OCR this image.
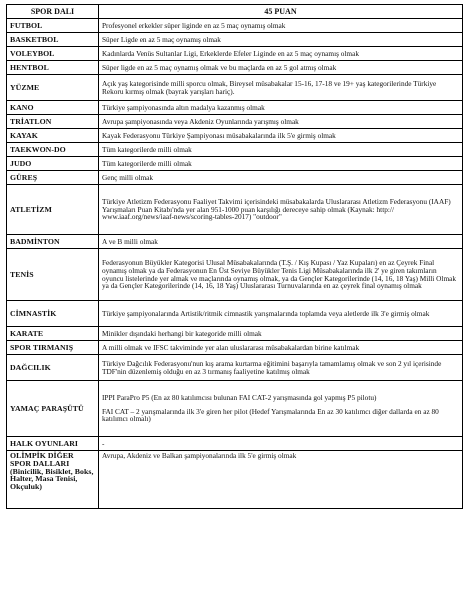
SPOR DALI	45 PUAN
FUTBOL	Profesyonel erkekler süper liginde en az 5 maç oynamış olmak
BASKETBOL	Süper Ligde en az 5 maç oynamış olmak
VOLEYBOL	Kadınlarda Venüs Sultanlar Ligi, Erkeklerde Efeler Liginde en az 5 maç oynamış olmak
HENTBOL	Süper ligde en az 5 maç oynamış olmak ve bu maçlarda en az 5 gol atmış olmak
YÜZME	Açık yaş kategorisinde milli sporcu olmak, Bireysel müsabakalar 15-16, 17-18 ve 19+ yaş kategorilerinde Türkiye Rekoru kırmış olmak (bayrak yarışları hariç).
KANO	Türkiye şampiyonasında altın madalya kazanmış olmak
TRİATLON	Avrupa şampiyonasında veya Akdeniz Oyunlarında yarışmış olmak
KAYAK	Kayak Federasyonu Türkiye Şampiyonası müsabakalarında ilk 5'e girmiş olmak
TAEKWON-DO	Tüm kategorilerde milli olmak
JUDO	Tüm kategorilerde milli olmak
GÜREŞ	Genç milli olmak
ATLETİZM	Türkiye Atletizm Federasyonu Faaliyet Takvimi içerisindeki müsabakalarda Uluslararası Atletizm Federasyonu (IAAF) Yarışmaları Puan Kitabı'nda yer alan 951-1000 puan karşılığı dereceye sahip olmak (Kaynak: http:// www.iaaf.org/news/iaaf-news/scoring-tables-2017) "outdoor"
BADMİNTON	A ve B milli olmak
TENİS	Federasyonun Büyükler Kategorisi Ulusal Müsabakalarında (T.Ş. / Kış Kupası / Yaz Kupaları) en az Çeyrek Final oynamış olmak ya da Federasyonun En Üst Seviye Büyükler Tenis Ligi Müsabakalarında ilk 2' ye giren takımların oyuncu listelerinde yer almak ve maçlarında oynamış olmak, ya da Gençler Kategorilerinde (14, 16, 18 Yaş) Milli Olmak ya da Gençler Kategorilerinde (14, 16, 18 Yaş) Uluslararası Turnuvalarında en az çeyrek final oynamış olmak
CİMNASTİK	Türkiye şampiyonalarında Artistik/ritmik cimnastik yarışmalarında toplamda veya aletlerde ilk 3'e girmiş olmak
KARATE	Minikler dışındaki herhangi bir kategoride milli olmak
SPOR TIRMANIŞ	A milli olmak ve IFSC takviminde yer alan uluslararası müsabakalardan birine katılmak
DAĞCILIK	Türkiye Dağcılık Federasyonu'nun kış arama kurtarma eğitimini başarıyla tamamlamış olmak ve son 2 yıl içerisinde TDF'nin düzenlemiş olduğu en az 3 tırmanış faaliyetine katılmış olmak
YAMAÇ PARAŞÜTÜ	IPPI ParaPro P5 (En az 80 katılımcısı bulunan FAI CAT-2 yarışmasında gol yapmış P5 pilotu)
FAI CAT – 2 yarışmalarında ilk 3'e giren her pilot (Hedef Yarışmalarında En az 30 katılımcı diğer dallarda en az 80 katılımcı olmalı)

HALK OYUNLARI	-
OLİMPİK DİĞER SPOR DALLARI (Binicilik, Bisiklet, Boks, Halter, Masa Tenisi, Okçuluk)	Avrupa, Akdeniz ve Balkan şampiyonalarında ilk 5'e girmiş olmak
